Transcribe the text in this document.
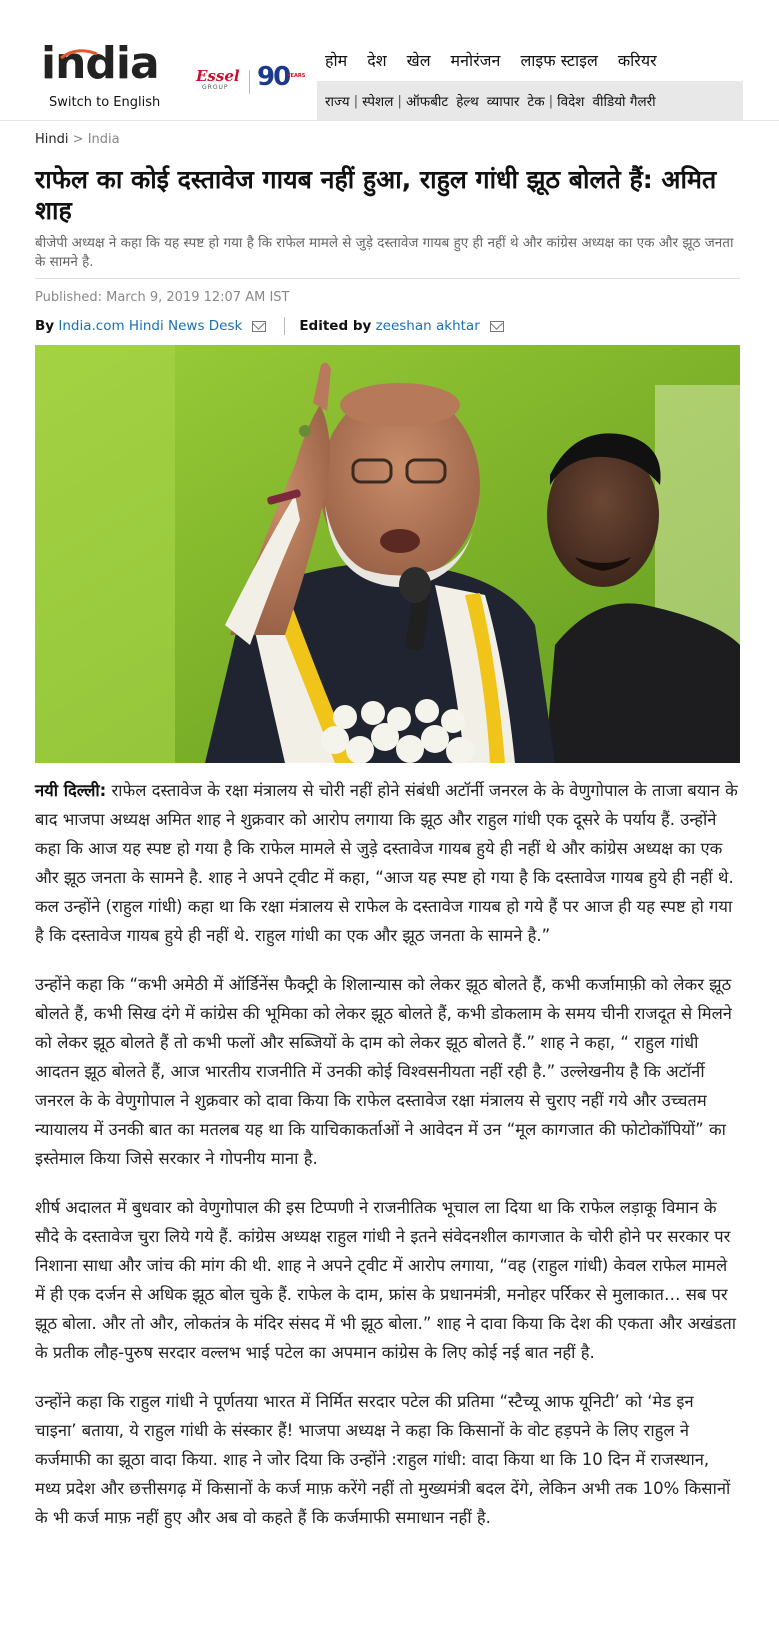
india
Switch to English
Essel
GROUP 90
YEARS
होम देश खेल मनोरंजन लाइफ स्टाइल करियर
राज्य | स्पेशल | ऑफबीट हेल्थ व्यापार टेक | विदेश वीडियो गैलरी
Hindi > India
राफेल का कोई दस्तावेज गायब नहीं हुआ, राहुल गांधी झूठ बोलते हैं: अमित शाह
बीजेपी अध्यक्ष ने कहा कि यह स्पष्ट हो गया है कि राफेल मामले से जुड़े दस्तावेज गायब हुए ही नहीं थे और कांग्रेस अध्यक्ष का एक और झूठ जनता के सामने है.
Published: March 9, 2019 12:07 AM IST
By
India.com Hindi News Desk	Edited by
zeeshan akhtar

नयी दिल्ली: राफेल दस्तावेज के रक्षा मंत्रालय से चोरी नहीं होने संबंधी अटॉर्नी जनरल के के वेणुगोपाल के ताजा बयान के बाद भाजपा अध्यक्ष अमित शाह ने शुक्रवार को आरोप लगाया कि झूठ और राहुल गांधी एक दूसरे के पर्याय हैं. उन्होंने कहा कि आज यह स्पष्ट हो गया है कि राफेल मामले से जुड़े दस्तावेज गायब हुये ही नहीं थे और कांग्रेस अध्यक्ष का एक और झूठ जनता के सामने है. शाह ने अपने ट्वीट में कहा, “आज यह स्पष्ट हो गया है कि दस्तावेज गायब हुये ही नहीं थे. कल उन्होंने (राहुल गांधी) कहा था कि रक्षा मंत्रालय से राफेल के दस्तावेज गायब हो गये हैं पर आज ही यह स्पष्ट हो गया है कि दस्तावेज गायब हुये ही नहीं थे. राहुल गांधी का एक और झूठ जनता के सामने है.”

उन्होंने कहा कि “कभी अमेठी में ऑर्डिनेंस फैक्ट्री के शिलान्यास को लेकर झूठ बोलते हैं, कभी कर्जामाफ़ी को लेकर झूठ बोलते हैं, कभी सिख दंगे में कांग्रेस की भूमिका को लेकर झूठ बोलते हैं, कभी डोकलाम के समय चीनी राजदूत से मिलने को लेकर झूठ बोलते हैं तो कभी फलों और सब्जियों के दाम को लेकर झूठ बोलते हैं.” शाह ने कहा, “ राहुल गांधी आदतन झूठ बोलते हैं, आज भारतीय राजनीति में उनकी कोई विश्वसनीयता नहीं रही है.” उल्लेखनीय है कि अटॉर्नी जनरल के के वेणुगोपाल ने शुक्रवार को दावा किया कि राफेल दस्तावेज रक्षा मंत्रालय से चुराए नहीं गये और उच्चतम न्यायालय में उनकी बात का मतलब यह था कि याचिकाकर्ताओं ने आवेदन में उन “मूल कागजात की फोटोकॉपियों” का इस्तेमाल किया जिसे सरकार ने गोपनीय माना है.

शीर्ष अदालत में बुधवार को वेणुगोपाल की इस टिप्पणी ने राजनीतिक भूचाल ला दिया था कि राफेल लड़ाकू विमान के सौदे के दस्तावेज चुरा लिये गये हैं. कांग्रेस अध्यक्ष राहुल गांधी ने इतने संवेदनशील कागजात के चोरी होने पर सरकार पर निशाना साधा और जांच की मांग की थी. शाह ने अपने ट्वीट में आरोप लगाया, “वह (राहुल गांधी) केवल राफेल मामले में ही एक दर्जन से अधिक झूठ बोल चुके हैं. राफेल के दाम, फ्रांस के प्रधानमंत्री, मनोहर पर्रिकर से मुलाकात… सब पर झूठ बोला. और तो और, लोकतंत्र के मंदिर संसद में भी झूठ बोला.” शाह ने दावा किया कि देश की एकता और अखंडता के प्रतीक लौह-पुरुष सरदार वल्लभ भाई पटेल का अपमान कांग्रेस के लिए कोई नई बात नहीं है.

उन्होंने कहा कि राहुल गांधी ने पूर्णतया भारत में निर्मित सरदार पटेल की प्रतिमा “स्टैच्यू आफ यूनिटी’ को ‘मेड इन चाइना’ बताया, ये राहुल गांधी के संस्कार हैं! भाजपा अध्यक्ष ने कहा कि किसानों के वोट हड़पने के लिए राहुल ने कर्जमाफी का झूठा वादा किया. शाह ने जोर दिया कि उन्होंने :राहुल गांधी: वादा किया था कि 10 दिन में राजस्थान, मध्य प्रदेश और छत्तीसगढ़ में किसानों के कर्ज माफ़ करेंगे नहीं तो मुख्यमंत्री बदल देंगे, लेकिन अभी तक 10% किसानों के भी कर्ज माफ़ नहीं हुए और अब वो कहते हैं कि कर्जमाफी समाधान नहीं है.
